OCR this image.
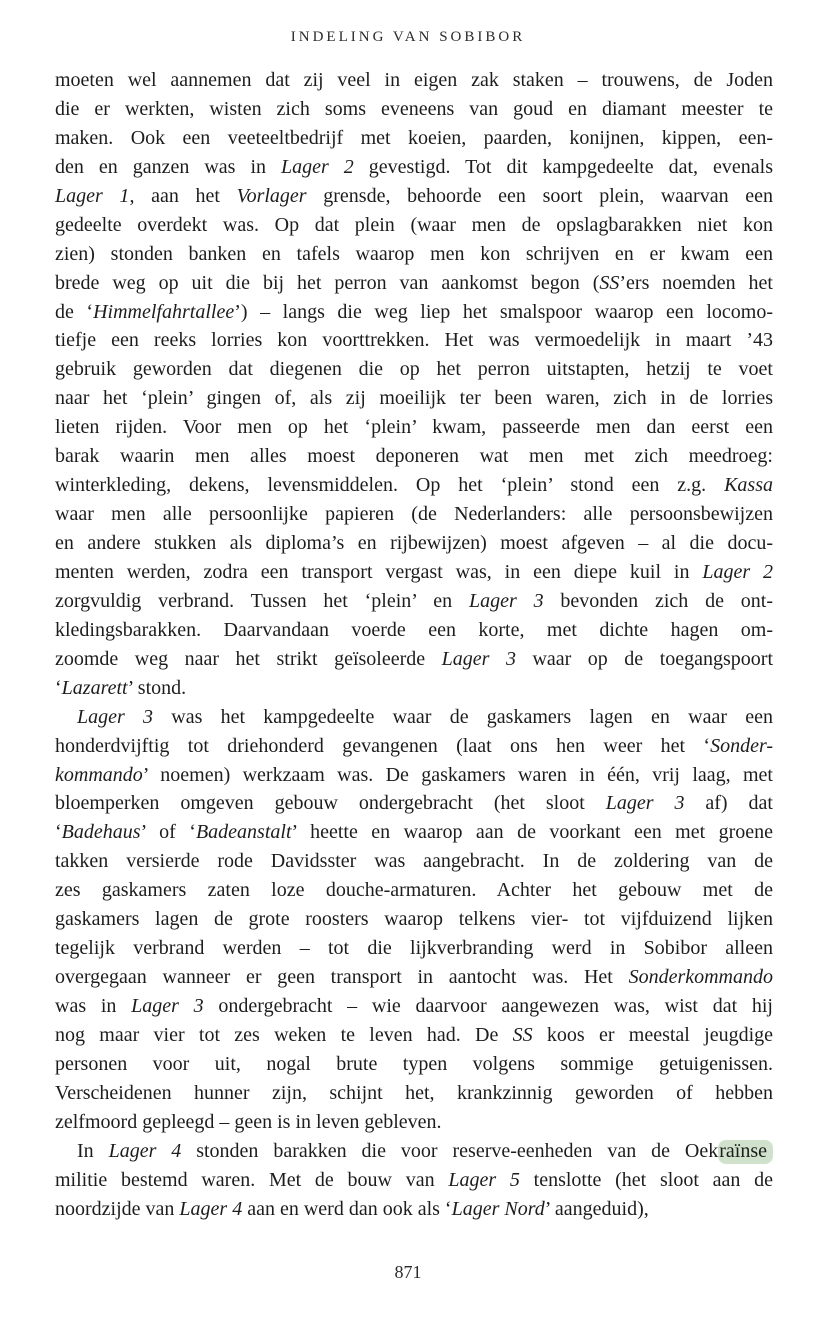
INDELING VAN SOBIBOR
moeten wel aannemen dat zij veel in eigen zak staken – trouwens, de Joden
die er werkten, wisten zich soms eveneens van goud en diamant meester te
maken. Ook een veeteeltbedrijf met koeien, paarden, konijnen, kippen, een-
den en ganzen was in Lager 2 gevestigd. Tot dit kampgedeelte dat, evenals
Lager 1, aan het Vorlager grensde, behoorde een soort plein, waarvan een
gedeelte overdekt was. Op dat plein (waar men de opslagbarakken niet kon
zien) stonden banken en tafels waarop men kon schrijven en er kwam een
brede weg op uit die bij het perron van aankomst begon (SS’ers noemden het
de ‘Himmelfahrtallee’) – langs die weg liep het smalspoor waarop een locomo-
tiefje een reeks lorries kon voorttrekken. Het was vermoedelijk in maart ’43
gebruik geworden dat diegenen die op het perron uitstapten, hetzij te voet
naar het ‘plein’ gingen of, als zij moeilijk ter been waren, zich in de lorries
lieten rijden. Voor men op het ‘plein’ kwam, passeerde men dan eerst een
barak waarin men alles moest deponeren wat men met zich meedroeg:
winterkleding, dekens, levensmiddelen. Op het ‘plein’ stond een z.g. Kassa
waar men alle persoonlijke papieren (de Nederlanders: alle persoonsbewijzen
en andere stukken als diploma’s en rijbewijzen) moest afgeven – al die docu-
menten werden, zodra een transport vergast was, in een diepe kuil in Lager 2
zorgvuldig verbrand. Tussen het ‘plein’ en Lager 3 bevonden zich de ont-
kledingsbarakken. Daarvandaan voerde een korte, met dichte hagen om-
zoomde weg naar het strikt geïsoleerde Lager 3 waar op de toegangspoort
‘Lazarett’ stond.
Lager 3 was het kampgedeelte waar de gaskamers lagen en waar een
honderdvijftig tot driehonderd gevangenen (laat ons hen weer het ‘Sonder-
kommando’ noemen) werkzaam was. De gaskamers waren in één, vrij laag, met
bloemperken omgeven gebouw ondergebracht (het sloot Lager 3 af) dat
‘Badehaus’ of ‘Badeanstalt’ heette en waarop aan de voorkant een met groene
takken versierde rode Davidsster was aangebracht. In de zoldering van de
zes gaskamers zaten loze douche-armaturen. Achter het gebouw met de
gaskamers lagen de grote roosters waarop telkens vier- tot vijfduizend lijken
tegelijk verbrand werden – tot die lijkverbranding werd in Sobibor alleen
overgegaan wanneer er geen transport in aantocht was. Het Sonderkommando
was in Lager 3 ondergebracht – wie daarvoor aangewezen was, wist dat hij
nog maar vier tot zes weken te leven had. De SS koos er meestal jeugdige
personen voor uit, nogal brute typen volgens sommige getuigenissen.
Verscheidenen hunner zijn, schijnt het, krankzinnig geworden of hebben
zelfmoord gepleegd – geen is in leven gebleven.
In Lager 4 stonden barakken die voor reserve-eenheden van de Oekraïnse
militie bestemd waren. Met de bouw van Lager 5 tenslotte (het sloot aan de
noordzijde van Lager 4 aan en werd dan ook als ‘Lager Nord’ aangeduid),
871
